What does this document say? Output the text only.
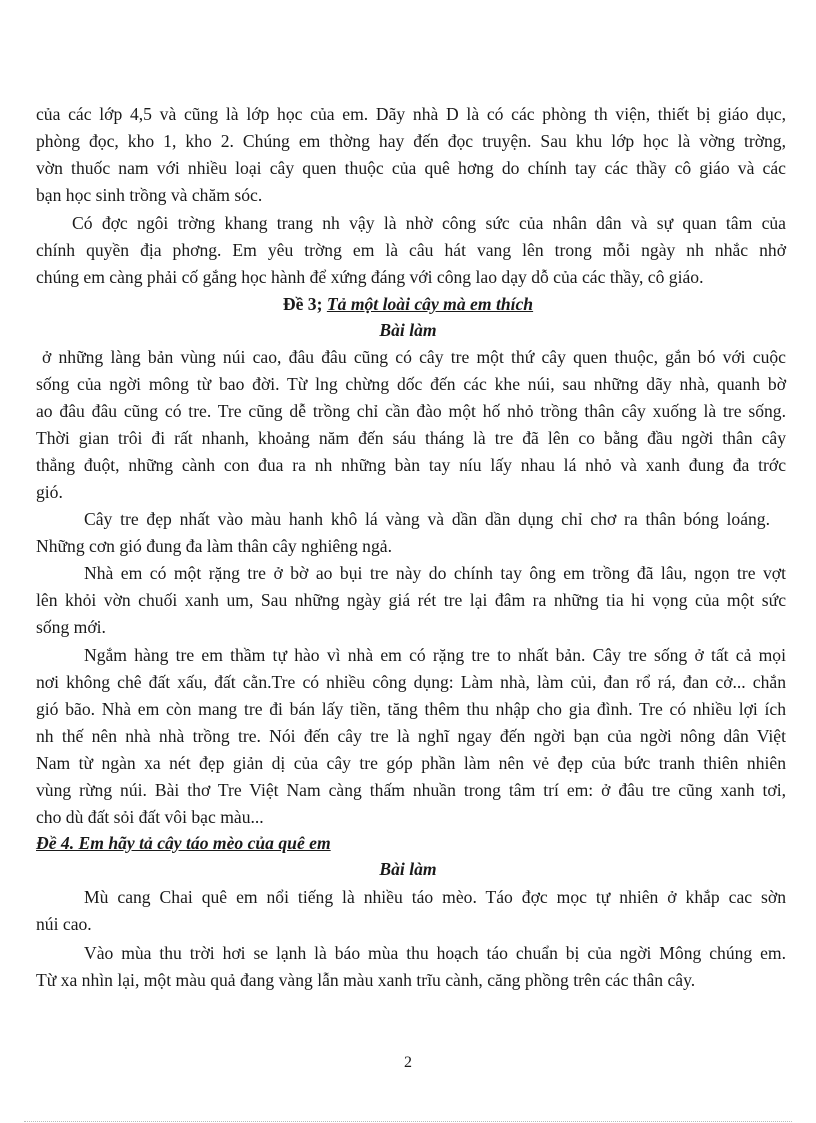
của các lớp 4,5 và cũng là lớp học của em. Dãy nhà D là có các phòng th viện, thiết bị giáo dục,
phòng đọc, kho 1, kho 2. Chúng em thờng hay đến đọc truyện. Sau khu lớp học là vờng trờng,
vờn thuốc nam với nhiều loại cây quen thuộc của quê hơng do chính tay các thầy cô giáo và các
bạn học sinh trồng và chăm sóc.
Có đợc ngôi trờng khang trang nh vậy là nhờ công sức của nhân dân và sự quan tâm của
chính quyền địa phơng. Em yêu trờng em là câu hát vang lên trong mỗi ngày nh nhắc nhở
chúng em càng phải cố gắng học hành để xứng đáng với công lao dạy dỗ của các thầy, cô giáo.
Đề 3; Tả một loài cây mà em thích
Bài làm
ở những làng bản vùng núi cao, đâu đâu cũng có cây tre một thứ cây quen thuộc, gắn bó với cuộc
sống của ngời mông từ bao đời. Từ lng chừng dốc đến các khe núi, sau những dãy nhà, quanh bờ
ao đâu đâu cũng có tre. Tre cũng dễ trồng chỉ cần đào một hố nhỏ trồng thân cây xuống là tre sống.
Thời gian trôi đi rất nhanh, khoảng năm đến sáu tháng là tre đã lên co bằng đầu ngời thân cây
thẳng đuột, những cành con đua ra nh những bàn tay níu lấy nhau lá nhỏ và xanh đung đa trớc
gió.
Cây tre đẹp nhất vào màu hanh khô lá vàng và dần dần dụng chỉ chơ ra thân bóng loáng.
Những cơn gió đung đa làm thân cây nghiêng ngả.
Nhà em có một rặng tre ở bờ ao bụi tre này do chính tay ông em trồng đã lâu, ngọn tre vợt
lên khỏi vờn chuối xanh um, Sau những ngày giá rét tre lại đâm ra những tia hi vọng của một sức
sống mới.
Ngắm hàng tre em thầm tự hào vì nhà em có rặng tre to nhất bản. Cây tre sống ở tất cả mọi
nơi không chê đất xấu, đất cằn.Tre có nhiều công dụng: Làm nhà, làm củi, đan rổ rá, đan cở... chắn
gió bão. Nhà em còn mang tre đi bán lấy tiền, tăng thêm thu nhập cho gia đình. Tre có nhiều lợi ích
nh thế nên nhà nhà trồng tre. Nói đến cây tre là nghĩ ngay đến ngời bạn của ngời nông dân Việt
Nam từ ngàn xa nét đẹp giản dị của cây tre góp phần làm nên vẻ đẹp của bức tranh thiên nhiên
vùng rừng núi. Bài thơ Tre Việt Nam càng thấm nhuần trong tâm trí em: ở đâu tre cũng xanh tơi,
cho dù đất sỏi đất vôi bạc màu...
Đề 4. Em hãy tả cây táo mèo của quê em
Bài làm
Mù cang Chai quê em nổi tiếng là nhiều táo mèo. Táo đợc mọc tự nhiên ở khắp cac sờn
núi cao.
Vào mùa thu trời hơi se lạnh là báo mùa thu hoạch táo chuẩn bị của ngời Mông chúng em.
Từ xa nhìn lại, một màu quả đang vàng lẫn màu xanh trĩu cành, căng phồng trên các thân cây.
2
